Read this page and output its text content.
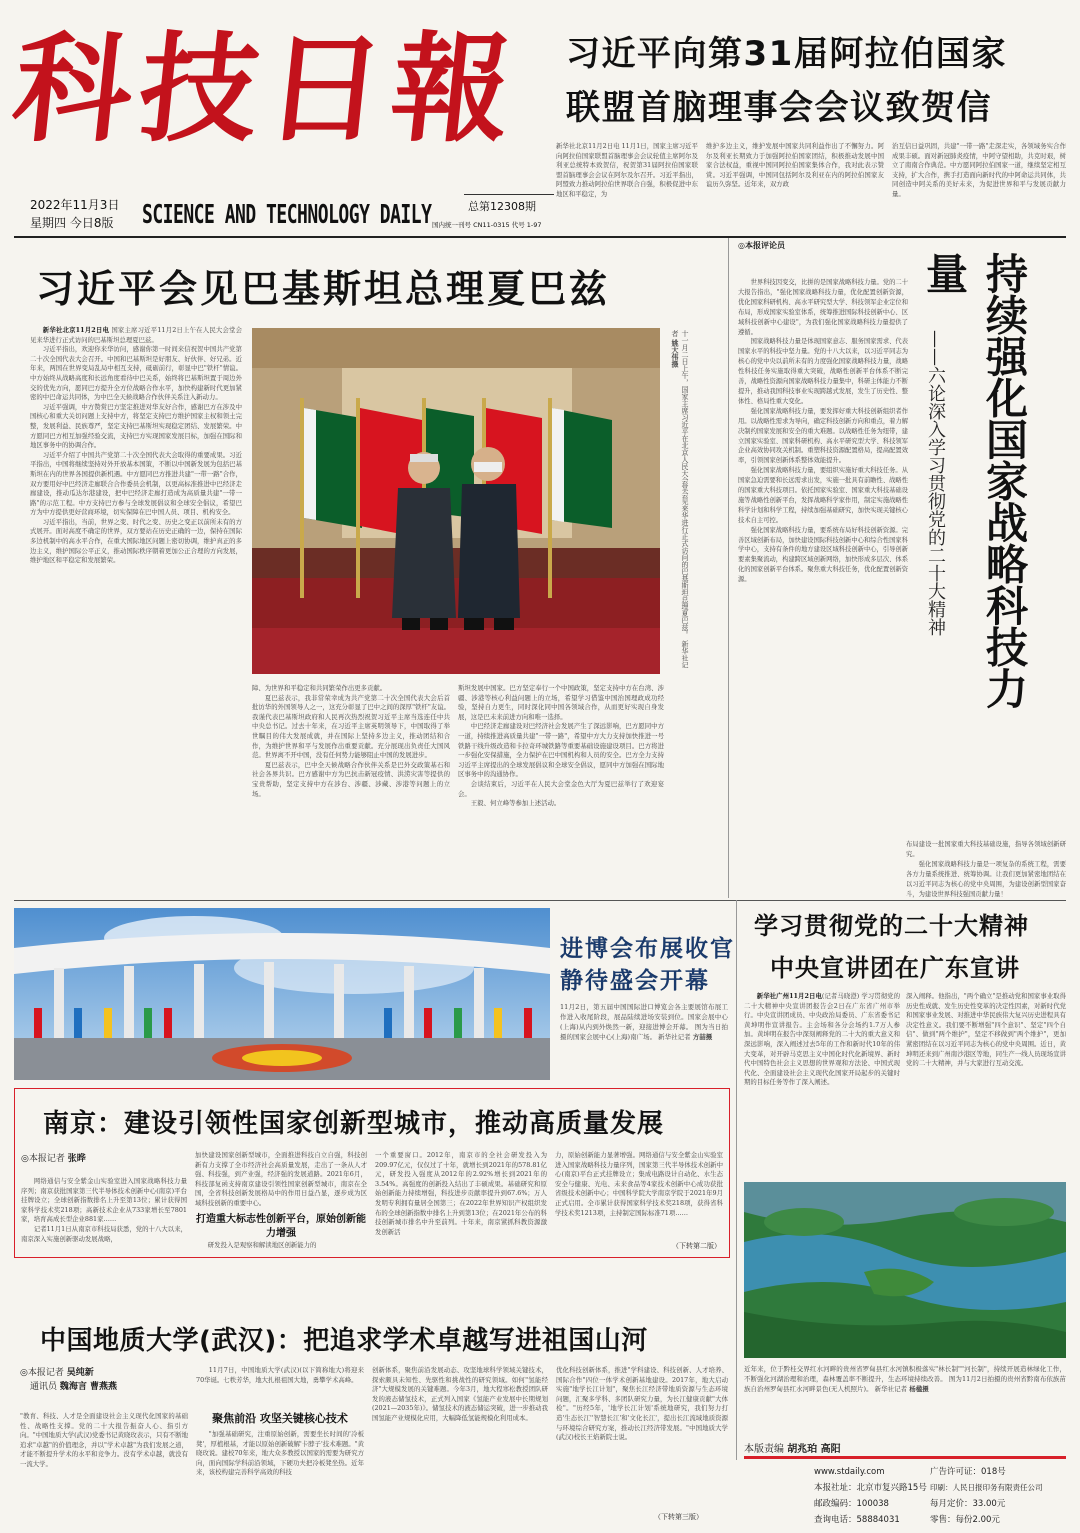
科技日報
2022年11月3日
星期四 今日8版 SCIENCE AND TECHNOLOGY DAILY	总第12308期
国内统一刊号 CN11-0315 代号 1-97
习近平向第31届阿拉伯国家
联盟首脑理事会会议致贺信
新华社北京11月2日电 11月1日，国家主席习近平向阿拉伯国家联盟首脑理事会会议轮值主席阿尔及利亚总统特本致贺信，祝贺第31届阿拉伯国家联盟首脑理事会会议在阿尔及尔召开。习近平指出，阿盟致力推动阿拉伯世界联合自强，积极促进中东地区和平稳定，为
维护多边主义，维护发展中国家共同利益作出了不懈努力。阿尔及利亚长期致力于加强阿拉伯国家团结，积极推动发展中国家合法权益，重视中国同阿拉伯国家集体合作，我对此表示赞赏。习近平强调，中国同包括阿尔及利亚在内的阿拉伯国家友谊历久弥坚。近年来，双方政
治互信日益巩固，共建"一带一路"走深走实，各领域务实合作成果丰硕。面对新冠肺炎疫情，中阿守望相助，共克时艰，树立了南南合作典范。中方愿同阿拉伯国家一道，继续坚定相互支持，扩大合作，携手打造面向新时代的中阿命运共同体，共同创造中阿关系的美好未来，为促进世界和平与发展贡献力量。
习近平会见巴基斯坦总理夏巴兹

新华社北京11月2日电 国家主席习近平11月2日上午在人民大会堂会见来华进行正式访问的巴基斯坦总理夏巴兹。

习近平指出，欢迎你来华访问，感谢你第一时间来信祝贺中国共产党第二十次全国代表大会召开。中国和巴基斯坦是好朋友、好伙伴、好兄弟。近年来，两国在世界变局乱局中相互支持，砥砺前行，彰显中巴"铁杆"情谊。中方始终从战略高度和长远角度看待中巴关系，始终将巴基斯坦置于周边外交的优先方向，愿同巴方提升全方位战略合作水平，加快构建新时代更加紧密的中巴命运共同体，为中巴全天候战略合作伙伴关系注入新动力。

习近平强调，中方赞赏巴方坚定推进对华友好合作，感谢巴方在涉及中国核心和重大关切问题上支持中方，将坚定支持巴方维护国家主权和领土完整，发展利益、民族尊严，坚定支持巴基斯坦实现稳定团结、发展繁荣。中方愿同巴方相互加强经验交流，支持巴方实现国家发展目标，加强在国际和地区事务中的协调合作。

习近平介绍了中国共产党第二十次全国代表大会取得的重要成果。习近平指出，中国将继续坚持对外开放基本国策，不断以中国新发展为包括巴基斯坦在内的世界各国提供新机遇。中方愿同巴方推进共建"一带一路"合作，双方要用好中巴经济走廊联合合作委员会机制，以更高标准推进中巴经济走廊建设，推动瓜达尔港建设，把中巴经济走廊打造成为高质量共建"一带一路"的示范工程。中方支持巴方参与全球发展倡议和全球安全倡议，希望巴方为中方提供更好营商环境，切实保障在巴中国人员、项目、机构安全。

习近平指出，当前，世界之变、时代之变、历史之变正以前所未有的方式展开。面对高度不确定的世界，双方要站在历史正确的一边，保持在国际多边机制中的高水平合作，在重大国际地区问题上密切协调，维护真正的多边主义，维护国际公平正义，推动国际秩序朝着更加公正合理的方向发展，维护地区和平稳定和发展繁荣。	十一月二日上午，国家主席习近平在北京人民大会堂会见来华进行正式访问的巴基斯坦总理夏巴兹。 新华社记者 姚大伟摄

障、为世界和平稳定和共同繁荣作出更多贡献。

夏巴兹表示，我非常荣幸成为共产党第二十次全国代表大会后首批访华的外国领导人之一，这充分彰显了巴中之间的深厚"铁杆"友谊。我谨代表巴基斯坦政府和人民再次热烈祝贺习近平主席当选连任中共中央总书记。过去十年来，在习近平主席英明领导下，中国取得了举世瞩目的伟大发展成就，并在国际上坚持多边主义，推动团结和合作，为维护世界和平与发展作出重要贡献。充分展现出负责任大国风范。世界离不开中国，没有任何势力能够阻止中国的发展进步。

夏巴兹表示，巴中全天候战略合作伙伴关系是巴外交政策基石和社会各界共识。巴方感谢中方为巴抗击新冠疫情、洪涝灾害等提供的宝贵帮助，坚定支持中方在涉台、涉疆、涉藏、涉港等问题上的立场。

斯坦发展中国家。巴方坚定奉行一个中国政策，坚定支持中方在台湾、涉疆、涉港等核心利益问题上的立场，希望学习借鉴中国治国理政成功经验，坚持自力更生，同时深化同中国各领域合作，从而更好实现自身发展，这是巴未来前进方向和唯一选择。

中巴经济走廊建设对巴经济社会发展产生了深远影响，巴方愿同中方一道，持续推进高质量共建"一带一路"，希望中方大力支持加快推进一号铁路干线升级改造和卡拉奇环城铁路等重要基础设施建设项目。巴方将进一步强化安保措施，全力保护在巴中国机构和人员的安全。巴方全力支持习近平主席提出的全球发展倡议和全球安全倡议，愿同中方加强在国际地区事务中的沟通协作。

会谈结束后，习近平在人民大会堂金色大厅为夏巴兹举行了欢迎宴会。

王毅、何立峰等参加上述活动。

◎本报评论员

世界科技因变交，比拼的是国家战略科技力量。党的二十大报告指出，"强化国家战略科技力量，优化配置创新资源，优化国家科研机构、高水平研究型大学、科技领军企业定位和布局，形成国家实验室体系，统筹推进国际科技创新中心、区域科技创新中心建设"，为我们强化国家战略科技力量提供了遵循。

国家战略科技力量是体现国家意志、服务国家需求、代表国家水平的科技中坚力量。党的十八大以来，以习近平同志为核心的党中央以前所未有的力度强化国家战略科技力量，战略性科技任务实施取得重大突破，战略性创新平台体系不断完善，战略性资源向国家战略科技力量集中，科研主体能力不断提升，推动我国科技事业实现跨越式发展，发生了历史性、整体性、格局性重大变化。

强化国家战略科技力量，要发挥好重大科技创新组织者作用。以战略性需求为导向，确定科技创新方向和重点，着力解决制约国家发展和安全的重大难题。以战略性任务为纽带，建立国家实验室、国家科研机构、高水平研究型大学、科技领军企业高效协同攻关机制。重塑科技资源配置格局，提高配置效率，引领国家创新体系整体效能提升。

强化国家战略科技力量，要组织实施好重大科技任务。从国家急迫需要和长远需求出发，实施一批具有前瞻性、战略性的国家重大科技项目。依托国家实验室、国家重大科技基础设施等战略性创新平台，发挥战略科学家作用，制定实施战略性科学计划和科学工程，持续加强基础研究，加快实现关键核心技术自主可控。

强化国家战略科技力量，要系统布局好科技创新资源。完善区域创新布局，加快建设国际科技创新中心和综合性国家科学中心，支持有条件的地方建设区域科技创新中心，引导创新要素集聚流动，构建跨区域创新网络，加快形成多层次、体系化的国家创新平台体系。聚焦重大科技任务，优化配置创新资源。	持续强化国家战略科技力量
——六论深入学习贯彻党的二十大精神

布局建设一批国家重大科技基础设施，指导各领域创新研究。

强化国家战略科技力量是一项复杂的系统工程，需要各方力量系统推进、统筹协调。让我们更加紧密地团结在以习近平同志为核心的党中央周围，为建设创新型国家奋斗，为建设世界科技强国贡献力量！

进博会布展收官
静待盛会开幕
11月2日，第五届中国国际进口博览会各主要展馆布展工作进入收尾阶段，展品陆续进场安装到位。国家会展中心(上海)从内到外焕然一新，迎接进博会开幕。 图为当日拍摄的国家会展中心(上海)南广场。 新华社记者 方喆摄
学习贯彻党的二十大精神
中央宣讲团在广东宣讲

新华社广州11月2日电(记者马晓澄) 学习贯彻党的二十大精神中央宣讲团报告会2日在广东省广州市举行。中央宣讲团成员、中央政治局委员、广东省委书记黄坤明作宣讲报告。主会场和各分会场约1.7万人参加。黄坤明在报告中深刻阐释党的二十大的重大意义和深远影响，深入阐述过去5年的工作和新时代10年的伟大变革，对开辟马克思主义中国化时代化新境界、新时代中国特色社会主义思想的世界观和方法论、中国式现代化、全面建设社会主义现代化国家开局起步的关键时期的目标任务等作了深入阐述。

深入阐释。他指出，"两个确立"是推动党和国家事业取得历史性成就、发生历史性变革的决定性因素，对新时代党和国家事业发展、对推进中华民族伟大复兴历史进程具有决定性意义。我们要不断增强"四个意识"、坚定"四个自信"、做到"两个维护"，坚定不移做到"两个维护"，更加紧密团结在以习近平同志为核心的党中央周围。近日，黄坤明还来到广州南沙港区等地，同生产一线人员现场宣讲党的二十大精神，并与大家进行互动交流。

近年来，位于黔桂交界红水河畔的贵州省罗甸县红水河镇积极落实"林长制""河长制"，持续开展造林绿化工作，不断强化河湖治理和治理，森林覆盖率不断提升，生态环境持续改善。 图为11月2日拍摄的贵州省黔南布依族苗族自治州罗甸县红水河畔景色(无人机照片)。 新华社记者 杨楹摄
南京：建设引领性国家创新型城市，推动高质量发展
◎本报记者 张晔

网络通信与安全紫金山实验室进入国家战略科技力量序列；南京获批国家第三代半导体技术创新中心(南京)平台挂牌设立；全球创新指数排名上升至第13位；累计获得国家科学技术奖218项；高新技术企业从733家增长至7801家，培育高成长型企业881家……

记者11月1日从南京市科技局获悉，党的十八大以来，南京深入实施创新驱动发展战略，

加快建设国家创新型城市，全面推进科技自立自强，科技创新有力支撑了全市经济社会高质量发展，走出了一条从人才强、科技强，到产业强，经济强的发展道路。2021年6月，科技部复函支持南京建设引领性国家创新型城市，南京在全国，全省科技创新发展格局中的作用日益凸显，逐步成为区域科技创新的重要中心。
打造重大标志性创新平台，原始创新能力增强
研发投入是观察和解读地区创新能力的
一个重要窗口。2012年，南京市的全社会研发投入为209.97亿元，仅仅过了十年，就增长到2021年的578.81亿元，研发投入强度从2012年的2.92%增长到2021年的3.54%。高强度的创新投入结出了丰硕成果。基础研究和原始创新能力持续增强，科技进步贡献率提升到67.6%；万人发明专利拥有量居全国第三；在2022年世界知识产权组织发布的全球创新指数中排名上升到第13位；在2021年公布的科技创新城市排名中升至前列。十年来，南京紧抓科教资源激发创新活
力，原始创新能力显著增强。网络通信与安全紫金山实验室进入国家战略科技力量序列，国家第三代半导体技术创新中心(南京)平台正式挂牌设立；集成电路设计自动化、水生态安全与健康、光电、未来食品等4家技术创新中心成功获批省级技术创新中心；中国科学院大学南京学院于2021年9月正式启用。全市累计获得国家科学技术奖218项，获得省科学技术奖1213项，主持制定国际标准71项……
（下转第二版）
中国地质大学(武汉)：把追求学术卓越写进祖国山河
◎本报记者 吴纯新
通讯员 魏海言 曹燕燕
"教育、科技、人才是全面建设社会主义现代化国家的基础性、战略性支撑。党的二十大报告振奋人心、指引方向。"中国地质大学(武汉)党委书记黄晓玫表示，只有不断地追求"卓越"的价值理念，并以"学术卓越"为我们发展之道，才能不断提升学术的水平和竞争力。没有学术卓越，就没有一流大学。
11月7日，中国地质大学(武汉)(以下简称地大)将迎来70华诞。七秩芳华，地大扎根祖国大地，勇攀学术高峰。
聚焦前沿 攻坚关键核心技术
"加强基础研究，注重原始创新，需要坐长时间的'冷板凳'，厚植根基，才能以原始创新破解'卡脖子'技术难题。"黄晓玫说。建校70年来，地大众多教授以国家的需要为研究方向，面向国际学科前沿领域，下硬功夫把冷板凳坐热。近年来，该校构建完善科学高效的科技
创新体系，聚焦前沿发展动态、攻坚地球科学领域关键技术，探索颇具未知性、先驱性和挑战性的研究领域。如何"氢能经济"大规模发展的关键难题。今年3月，地大程寒松教授团队研发的液态储氢技术，正式列入国家《氢能产业发展中长期规划(2021—2035年)》。储氢技术的液态储运突破，进一步推动我国氢能产业规模化应用，大幅降低氢能规模化利用成本。
优化科技创新体系，推进"学科建设、科技创新、人才培养、国际合作"四位一体学术创新基地建设。2017年，地大启动实施"地学长江计划"，聚焦长江经济带地质资源与生态环境问题，汇聚多学科、多团队研究力量，为长江健康贡献"大体检"。"历经5年，'地学长江计划'系统地研究，我们努力打造'生态长江''智慧长江'和'文化长江'，提出长江流域地质资源与环境综合研究方案，推动长江经济带发展。"中国地质大学(武汉)校长王焰新院士说。
（下转第三版）
本版责编 胡兆珀 高阳
www.stdaily.com
本报社址：北京市复兴路15号
邮政编码：100038
查询电话：58884031
广告许可证：018号
印刷：人民日报印务有限责任公司
每月定价：33.00元
零售：每份2.00元
